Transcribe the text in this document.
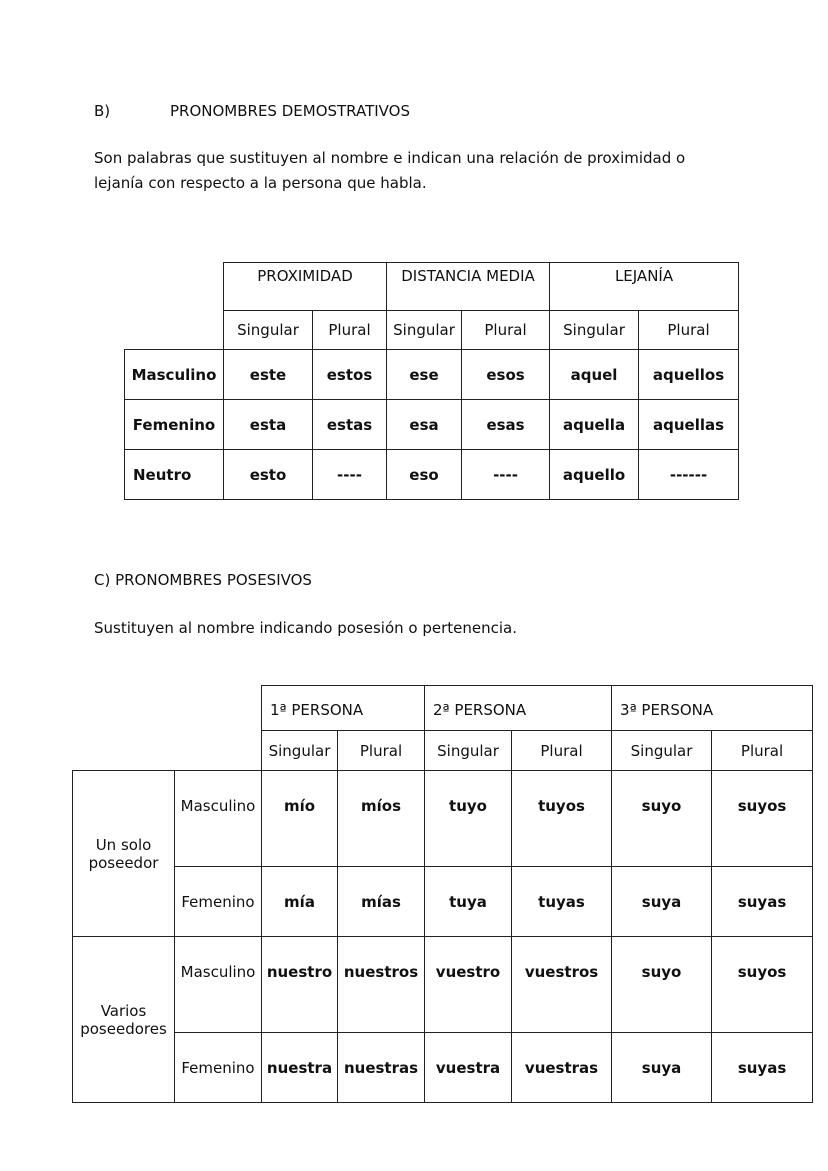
B)	PRONOMBRES DEMOSTRATIVOS
Son palabras que sustituyen al nombre e indican una relación de proximidad o lejanía con respecto a la persona que habla.
	PROXIMIDAD		DISTANCIA MEDIA		LEJANÍA	
	Singular	Plural	Singular	Plural	Singular	Plural
Masculino	este	estos	ese	esos	aquel	aquellos
Femenino	esta	estas	esa	esas	aquella	aquellas
Neutro	esto	----	eso	----	aquello	------
C) PRONOMBRES POSESIVOS
Sustituyen al nombre indicando posesión o pertenencia.
		1ª PERSONA		2ª PERSONA		3ª PERSONA	
		Singular	Plural	Singular	Plural	Singular	Plural
Un solo poseedor	Masculino	mío	míos	tuyo	tuyos	suyo	suyos
	Femenino	mía	mías	tuya	tuyas	suya	suyas
Varios poseedores	Masculino	nuestro	nuestros	vuestro	vuestros	suyo	suyos
	Femenino	nuestra	nuestras	vuestra	vuestras	suya	suyas
